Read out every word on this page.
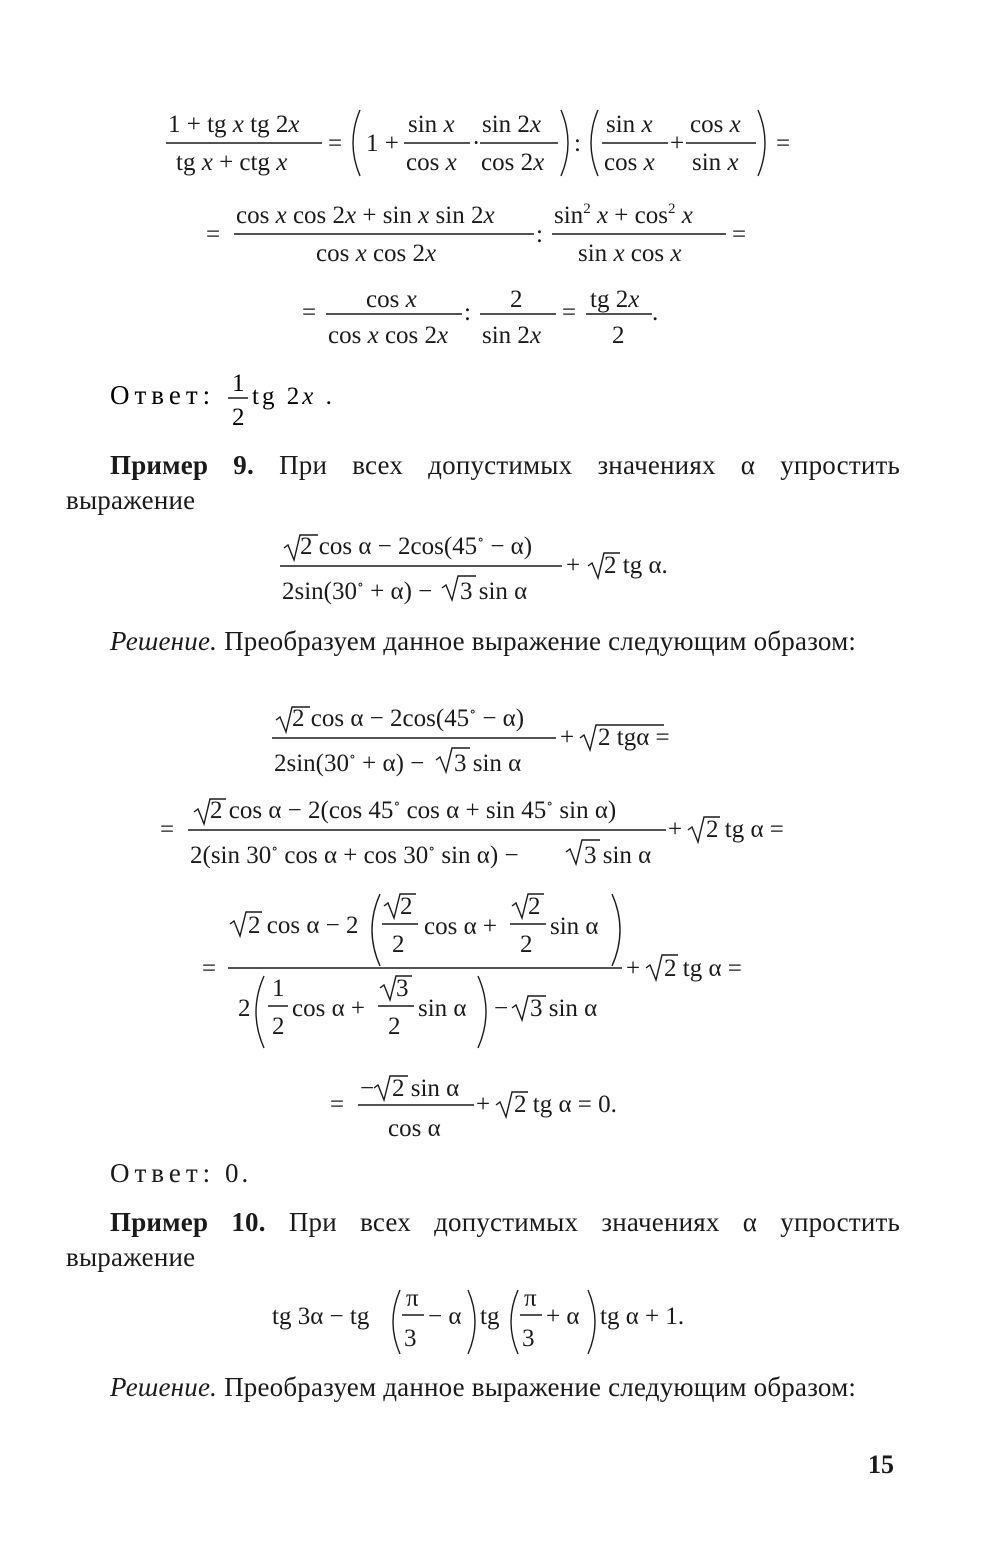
1 + tg x tg 2x
tg x + ctg x
= 1 +
sin x
cos x
·
sin 2x
cos 2x
:
sin x
cos x
+
cos x
sin x
=
=
cos x cos 2x + sin x sin 2x
cos x cos 2x
:
$\sin^2 x + \cos^2 x$
sin x cos x
=
= cos x
cos x cos 2x
: 2
sin 2x
= tg 2x
2
.
Ответ: 1
2
tg 2x .
Пример 9. При всех допустимых значениях α упростить выражение
2 cos α − 2cos(45∘ − α)
2sin(30∘ + α) − 3 sin α
+ 2 tg α.
Решение. Преобразуем данное выражение следующим образом:
2 cos α − 2cos(45∘ − α)
2sin(30∘ + α) − 3 sin α
+ 2 tgα =
=
2 cos α − 2(cos 45∘ cos α + sin 45∘ sin α)
2(sin 30∘ cos α + cos 30∘ sin α) −	3 sin α
+ 2 tg α =
=
2 cos α − 2
2
2
cos α +
2
2
sin α
2
1
2
cos α +
3
2
sin α − 3 sin α
+ 2 tg α =
=
− 2 sin α
cos α
+ 2 tg α = 0.
Ответ: 0.
Пример 10. При всех допустимых значениях α упростить выражение
tg 3α − tg
π
3
− α tg
π
3
+ α tg α + 1.
Решение. Преобразуем данное выражение следующим образом:
15
